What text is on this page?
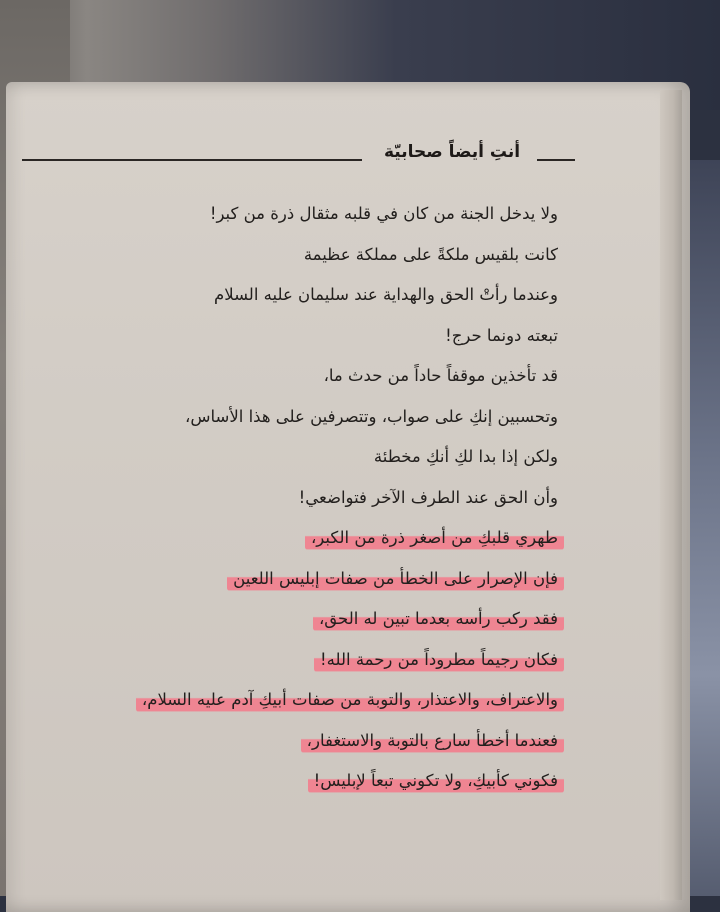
أنتِ أيضاً صحابيّة
ولا يدخل الجنة من كان في قلبه مثقال ذرة من كبر!
كانت بلقيس ملكةً على مملكة عظيمة
وعندما رأتْ الحق والهداية عند سليمان عليه السلام
تبعته دونما حرج!
قد تأخذين موقفاً حاداً من حدث ما،
وتحسبين إنكِ على صواب، وتتصرفين على هذا الأساس،
ولكن إذا بدا لكِ أنكِ مخطئة
وأن الحق عند الطرف الآخر فتواضعي!
طهري قلبكِ من أصغر ذرة من الكبر،
فإن الإصرار على الخطأ من صفات إبليس اللعين
فقد ركب رأسه بعدما تبين له الحق،
فكان رجيماً مطروداً من رحمة الله!
والاعتراف، والاعتذار، والتوبة من صفات أبيكِ آدم عليه السلام،
فعندما أخطأ سارع بالتوبة والاستغفار،
فكوني كأبيكِ، ولا تكوني تبعاً لإبليس!
